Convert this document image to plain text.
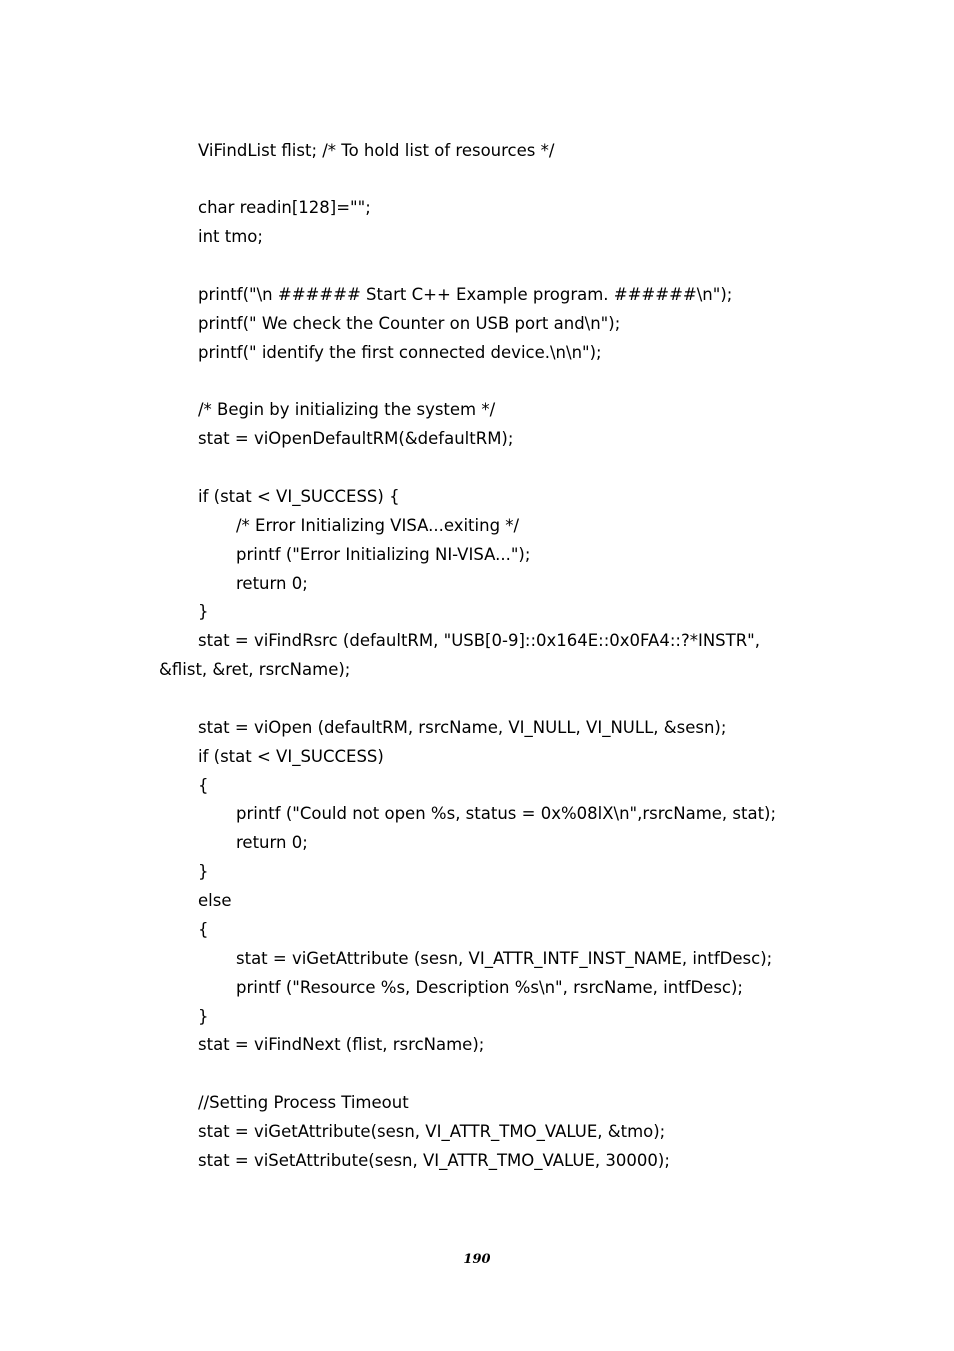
ViFindList flist; /* To hold list of resources */
char readin[128]="";
int tmo;
printf("\n ###### Start C++ Example program. ######\n");
printf(" We check the Counter on USB port and\n");
printf(" identify the first connected device.\n\n");
/* Begin by initializing the system */
stat = viOpenDefaultRM(&defaultRM);
if (stat < VI_SUCCESS) {
/* Error Initializing VISA...exiting */
printf ("Error Initializing NI-VISA...");
return 0;
}
stat = viFindRsrc (defaultRM, "USB[0-9]::0x164E::0x0FA4::?*INSTR",
&flist, &ret, rsrcName);
stat = viOpen (defaultRM, rsrcName, VI_NULL, VI_NULL, &sesn);
if (stat < VI_SUCCESS)
{
printf ("Could not open %s, status = 0x%08lX\n",rsrcName, stat);
return 0;
}
else
{
stat = viGetAttribute (sesn, VI_ATTR_INTF_INST_NAME, intfDesc);
printf ("Resource %s, Description %s\n", rsrcName, intfDesc);
}
stat = viFindNext (flist, rsrcName);
//Setting Process Timeout
stat = viGetAttribute(sesn, VI_ATTR_TMO_VALUE, &tmo);
stat = viSetAttribute(sesn, VI_ATTR_TMO_VALUE, 30000);
190
